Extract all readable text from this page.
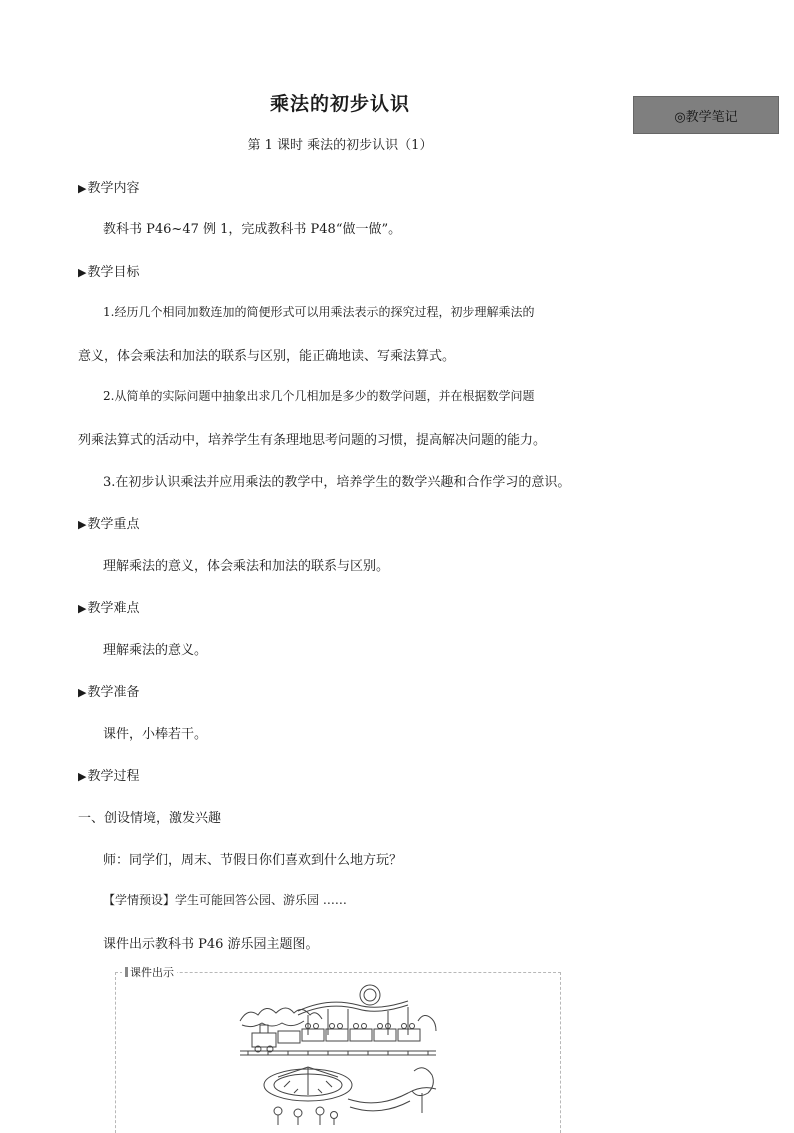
乘法的初步认识
第 1 课时 乘法的初步认识（1）
◎教学笔记
▶教学内容
教科书 P46~47 例 1，完成教科书 P48“做一做”。
▶教学目标
1.经历几个相同加数连加的简便形式可以用乘法表示的探究过程，初步理解乘法的
意义，体会乘法和加法的联系与区别，能正确地读、写乘法算式。
2.从简单的实际问题中抽象出求几个几相加是多少的数学问题，并在根据数学问题
列乘法算式的活动中，培养学生有条理地思考问题的习惯，提高解决问题的能力。
3.在初步认识乘法并应用乘法的教学中，培养学生的数学兴趣和合作学习的意识。
▶教学重点
理解乘法的意义，体会乘法和加法的联系与区别。
▶教学难点
理解乘法的意义。
▶教学准备
课件，小棒若干。
▶教学过程
一、创设情境，激发兴趣
师：同学们，周末、节假日你们喜欢到什么地方玩？
【学情预设】学生可能回答公园、游乐园 ……
课件出示教科书 P46 游乐园主题图。
课件出示
